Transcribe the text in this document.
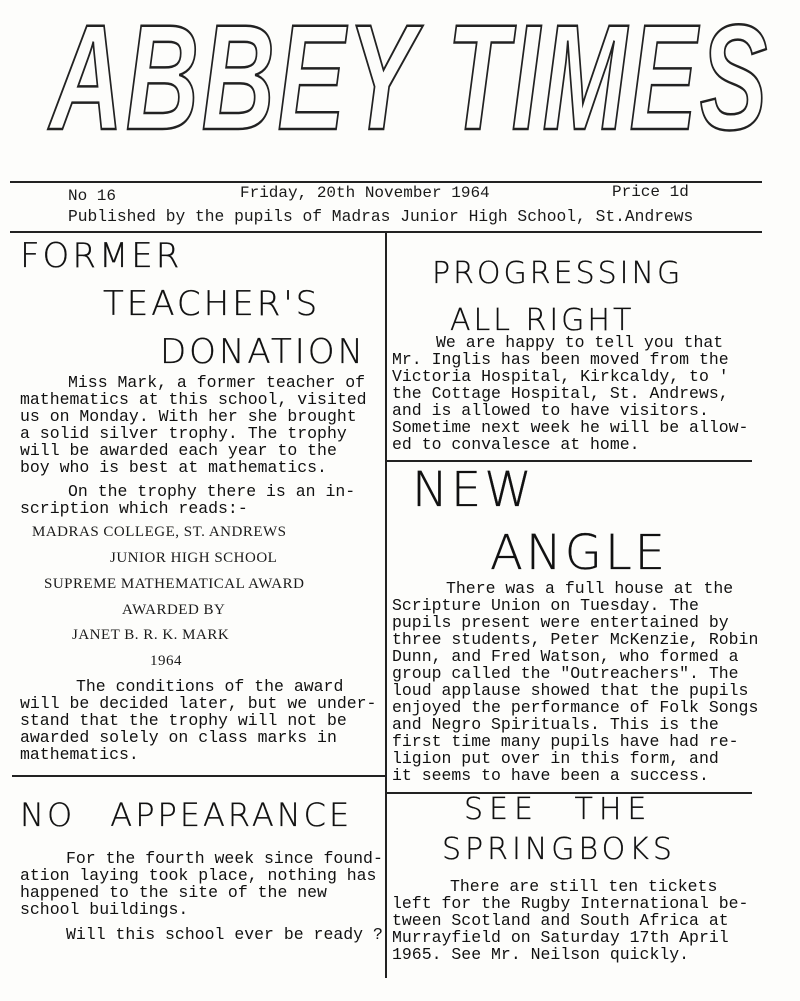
ABBEY TIMES
No 16	Friday, 20th November 1964	Price 1d
Published by the pupils of Madras Junior High School, St.Andrews
FORMER
TEACHER'S
DONATION

Miss Mark, a former teacher of
mathematics at this school, visited
us on Monday. With her she brought
a solid silver trophy. The trophy
will be awarded each year to the
boy who is best at mathematics.

On the trophy there is an in-
scription which reads:-

MADRAS COLLEGE, ST. ANDREWS
JUNIOR HIGH SCHOOL
SUPREME MATHEMATICAL AWARD
AWARDED BY
JANET B. R. K. MARK
1964

The conditions of the award
will be decided later, but we under-
stand that the trophy will not be
awarded solely on class marks in
mathematics.

NO APPEARANCE

For the fourth week since found-
ation laying took place, nothing has
happened to the site of the new
school buildings.

Will this school ever be ready ?

PROGRESSING
ALL RIGHT

We are happy to tell you that
Mr. Inglis has been moved from the
Victoria Hospital, Kirkcaldy, to '
the Cottage Hospital, St. Andrews,
and is allowed to have visitors.
Sometime next week he will be allow-
ed to convalesce at home.

NEW
ANGLE

There was a full house at the
Scripture Union on Tuesday. The
pupils present were entertained by
three students, Peter McKenzie, Robin
Dunn, and Fred Watson, who formed a
group called the "Outreachers". The
loud applause showed that the pupils
enjoyed the performance of Folk Songs
and Negro Spirituals. This is the
first time many pupils have had re-
ligion put over in this form, and
it seems to have been a success.

SEE THE
SPRINGBOKS

There are still ten tickets
left for the Rugby International be-
tween Scotland and South Africa at
Murrayfield on Saturday 17th April
1965. See Mr. Neilson quickly.
